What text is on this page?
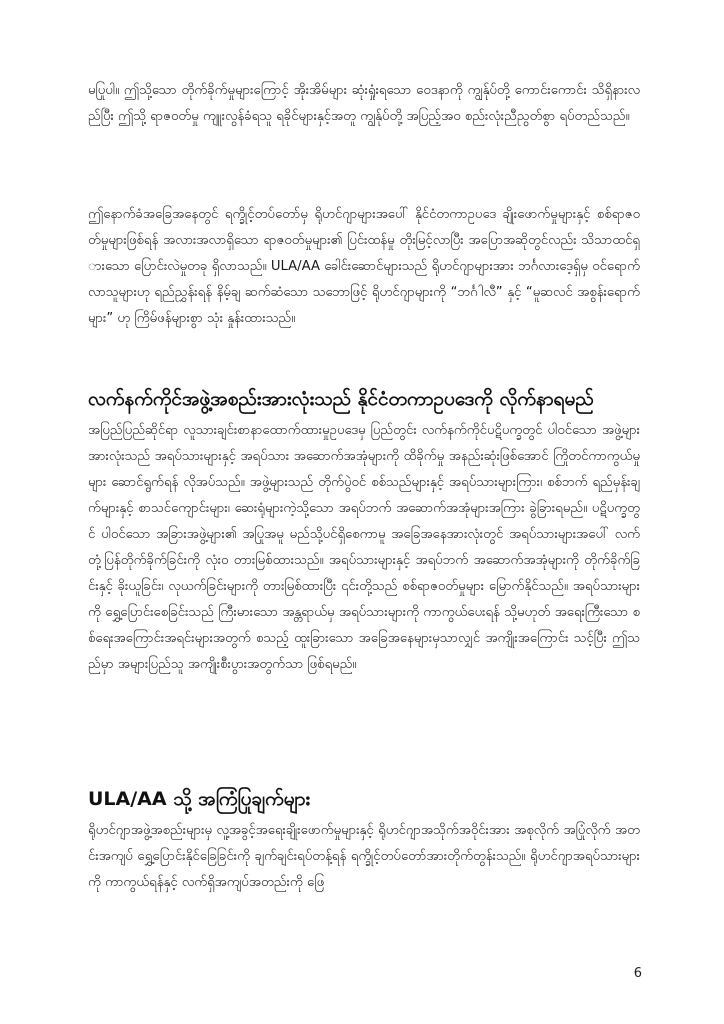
မပြုပါ။ ဤသို့သော တိုက်ခိုက်မှုများကြောင့် အိုးအိမ်များ ဆုံးရှုံးရသော ဝေဒနာကို ကျွန်ုပ်တို့ ကောင်းကောင်း သိရှိနားလည်ပြီး ဤသို့ ရာဇဝတ်မှု ကျူးလွန်ခံရသူ ရခိုင်များနှင့်အတူ ကျွန်ုပ်တို့ အပြည့်အဝ စည်းလုံးညီညွတ်စွာ ရပ်တည်သည်။

ဤနောက်ခံအခြေအနေတွင် ရက္ခိုင့်တပ်တော်မှ ရိုဟင်ဂျာများအပေါ် နိုင်ငံတကာဥပဒေ ချိုးဖောက်မှုများနှင့် စစ်ရာဇဝတ်မှုများဖြစ်ရန် အလားအလာရှိသော ရာဇဝတ်မှုများ၏ ပြင်းထန်မှု တိုးမြင့်လာပြီး အပြောအဆိုတွင်လည်း သိသာထင်ရှားသော ပြောင်းလဲမှုတခု ရှိလာသည်။ ULA/AA ခေါင်းဆောင်များသည် ရိုဟင်ဂျာများအား ဘင်္ဂလားဒေ့ရှ်မှ ဝင်ရောက်လာသူများဟု ရည်ညွှန်းရန် နိမ့်ချ ဆက်ဆံသော သဘောဖြင့် ရိုဟင်ဂျာများကို “ဘင်္ဂါလီ” နှင့် “မူဆလင် အစွန်းရောက်များ” ဟု ကြိမ်ဖန်များစွာ သုံး နှုန်းထားသည်။

လက်နက်ကိုင်အဖွဲ့အစည်းအားလုံးသည် နိုင်ငံတကာဥပဒေကို လိုက်နာရမည်

အပြည်ပြည်ဆိုင်ရာ လူသားချင်းစာနာထောက်ထားမှုဥပဒေမှ ပြည်တွင်း လက်နက်ကိုင်ပဋိပက္ခတွင် ပါဝင်သော အဖွဲ့များအားလုံးသည် အရပ်သားများနှင့် အရပ်သား အဆောက်အအုံများကို ထိခိုက်မှု အနည်းဆုံးဖြစ်အောင် ကြိုတင်ကာကွယ်မှုများ ဆောင်ရွက်ရန် လိုအပ်သည်။ အဖွဲ့များသည် တိုက်ပွဲဝင် စစ်သည်များနှင့် အရပ်သားများကြား၊ စစ်ဘက် ရည်မှန်းချက်များနှင့် စာသင်ကျောင်းများ၊ ဆေးရုံများကဲ့သို့သော အရပ်ဘက် အဆောက်အအုံများအကြား ခွဲခြားရမည်။ ပဋိပက္ခတွင် ပါဝင်သော အခြားအဖွဲ့များ၏ အပြုအမူ မည်သို့ပင်ရှိစေကာမူ အခြေအနေအားလုံးတွင် အရပ်သားများအပေါ် လက်တုံ့ပြန်တိုက်ခိုက်ခြင်းကို လုံးဝ တားမြစ်ထားသည်။ အရပ်သားများနှင့် အရပ်ဘက် အဆောက်အအုံများကို တိုက်ခိုက်ခြင်းနှင့် ခိုးယူခြင်း၊ လုယက်ခြင်းများကို တားမြစ်ထားပြီး ၎င်းတို့သည် စစ်ရာဇဝတ်မှုများ မြောက်နိုင်သည်။ အရပ်သားများကို ရွှေ့ပြောင်းစေခြင်းသည် ကြီးမားသော အန္တရာယ်မှ အရပ်သားများကို ကာကွယ်ပေးရန် သို့မဟုတ် အရေးကြီးသော စစ်ရေးအကြောင်းအရင်းများအတွက် စသည့် ထူးခြားသော အခြေအနေများမှသာလျှင် အကျိုးအကြောင်း သင့်ပြီး ဤသည်မှာ အများပြည်သူ အကျိုးစီးပွားအတွက်သာ ဖြစ်ရမည်။

ULA/AA သို့ အကြံပြုချက်များ

ရိုဟင်ဂျာအဖွဲ့အစည်းများမှ လူ့အခွင့်အရေးချိုးဖောက်မှုများနှင့် ရိုဟင်ဂျာအသိုက်အဝိုင်းအား အစုလိုက် အပြုံလိုက် အတင်းအကျပ် ရွှေ့ပြောင်းနိုင်ခြေခြင်းကို ချက်ချင်းရပ်တန့်ရန် ရက္ခိုင့်တပ်တော်အားတိုက်တွန်းသည်။ ရိုဟင်ဂျာအရပ်သားများကို ကာကွယ်ရန်နှင့် လက်ရှိအကျပ်အတည်းကို ဖြေ

6
